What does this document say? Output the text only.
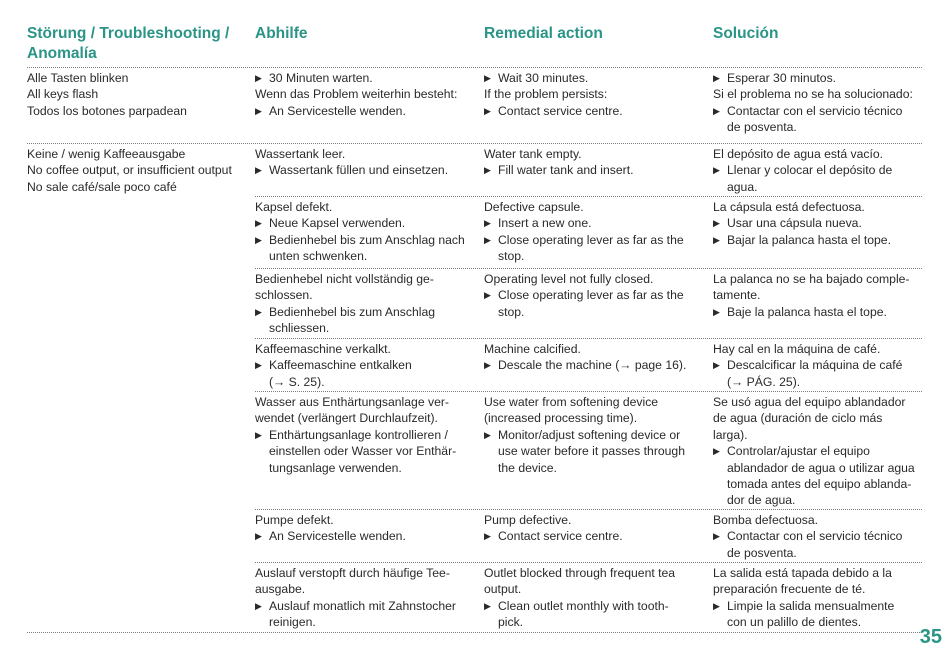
Störung / Troubleshooting / Anomalía
Abhilfe	Remedial action	Solución
Alle Tasten blinken
All keys flash
Todos los botones parpadean
▶ 30 Minuten warten.
Wenn das Problem weiterhin besteht:
▶ An Servicestelle wenden.
▶ Wait 30 minutes.
If the problem persists:
▶ Contact service centre.
▶ Esperar 30 minutos.
Si el problema no se ha solucionado:
▶ Contactar con el servicio técnico
de posventa.
Keine / wenig Kaffeeausgabe
No coffee output, or insufficient output
No sale café/sale poco café
Wassertank leer.
▶ Wassertank füllen und einsetzen.
Water tank empty.
▶ Fill water tank and insert.
El depósito de agua está vacío.
▶ Llenar y colocar el depósito de
agua.
Kapsel defekt.
▶ Neue Kapsel verwenden.
▶ Bedienhebel bis zum Anschlag nach
unten schwenken.
Defective capsule.
▶ Insert a new one.
▶ Close operating lever as far as the
stop.
La cápsula está defectuosa.
▶ Usar una cápsula nueva.
▶ Bajar la palanca hasta el tope.
Bedienhebel nicht vollständig ge-
schlossen.
▶ Bedienhebel bis zum Anschlag
schliessen.
Operating level not fully closed.
▶ Close operating lever as far as the
stop.
La palanca no se ha bajado comple-
tamente.
▶ Baje la palanca hasta el tope.
Kaffeemaschine verkalkt.
▶ Kaffeemaschine entkalken
(→ S. 25).
Machine calcified.
▶ Descale the machine (→ page 16).
Hay cal en la máquina de café.
▶ Descalcificar la máquina de café
(→ PÁG. 25).
Wasser aus Enthärtungsanlage ver-
wendet (verlängert Durchlaufzeit).
▶ Enthärtungsanlage kontrollieren /
einstellen oder Wasser vor Enthär-
tungsanlage verwenden.
Use water from softening device
(increased processing time).
▶ Monitor/adjust softening device or
use water before it passes through
the device.
Se usó agua del equipo ablandador
de agua (duración de ciclo más
larga).
▶ Controlar/ajustar el equipo
ablandador de agua o utilizar agua
tomada antes del equipo ablanda-
dor de agua.
Pumpe defekt.
▶ An Servicestelle wenden.
Pump defective.
▶ Contact service centre.
Bomba defectuosa.
▶ Contactar con el servicio técnico
de posventa.
Auslauf verstopft durch häufige Tee-
ausgabe.
▶ Auslauf monatlich mit Zahnstocher
reinigen.
Outlet blocked through frequent tea
output.
▶ Clean outlet monthly with tooth-
pick.
La salida está tapada debido a la
preparación frecuente de té.
▶ Limpie la salida mensualmente
con un palillo de dientes.
35
